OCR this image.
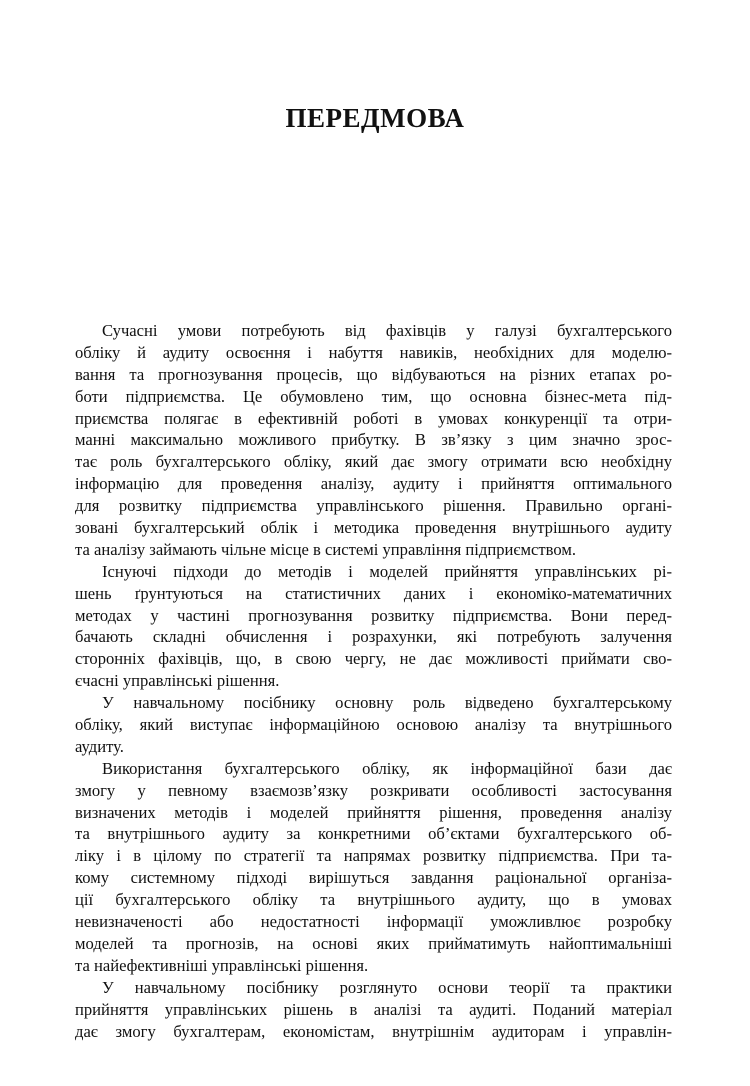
ПЕРЕДМОВА
Сучасні умови потребують від фахівців у галузі бухгалтерського
обліку й аудиту освоєння і набуття навиків, необхідних для моделю-
вання та прогнозування процесів, що відбуваються на різних етапах ро-
боти підприємства. Це обумовлено тим, що основна бізнес-мета під-
приємства полягає в ефективній роботі в умовах конкуренції та отри-
манні максимально можливого прибутку. В зв’язку з цим значно зрос-
тає роль бухгалтерського обліку, який дає змогу отримати всю необхідну
інформацію для проведення аналізу, аудиту і прийняття оптимального
для розвитку підприємства управлінського рішення. Правильно органі-
зовані бухгалтерський облік і методика проведення внутрішнього аудиту
та аналізу займають чільне місце в системі управління підприємством.
Існуючі підходи до методів і моделей прийняття управлінських рі-
шень ґрунтуються на статистичних даних і економіко-математичних
методах у частині прогнозування розвитку підприємства. Вони перед-
бачають складні обчислення і розрахунки, які потребують залучення
сторонніх фахівців, що, в свою чергу, не дає можливості приймати сво-
єчасні управлінські рішення.
У навчальному посібнику основну роль відведено бухгалтерському
обліку, який виступає інформаційною основою аналізу та внутрішнього
аудиту.
Використання бухгалтерського обліку, як інформаційної бази дає
змогу у певному взаємозв’язку розкривати особливості застосування
визначених методів і моделей прийняття рішення, проведення аналізу
та внутрішнього аудиту за конкретними об’єктами бухгалтерського об-
ліку і в цілому по стратегії та напрямах розвитку підприємства. При та-
кому системному підході вирішуться завдання раціональної організа-
ції бухгалтерського обліку та внутрішнього аудиту, що в умовах
невизначеності або недостатності інформації уможливлює розробку
моделей та прогнозів, на основі яких прийматимуть найоптимальніші
та найефективніші управлінські рішення.
У навчальному посібнику розглянуто основи теорії та практики
прийняття управлінських рішень в аналізі та аудиті. Поданий матеріал
дає змогу бухгалтерам, економістам, внутрішнім аудиторам і управлін-
